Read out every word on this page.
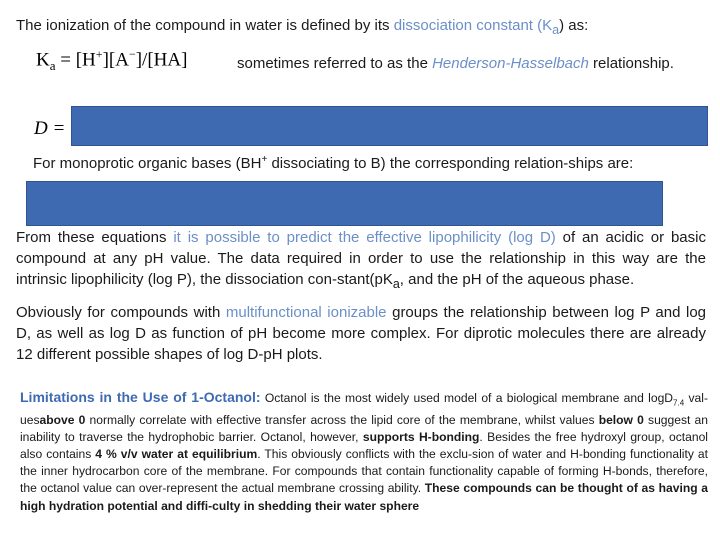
The ionization of the compound in water is defined by its dissociation constant $(K_a)$ as:
$K_a = [H^+][A^-]/[HA]$	sometimes referred to as the Henderson-Hasselbach relationship.
D =
For monoprotic organic bases (BH+ dissociating to B) the corresponding relation-ships are:
From these equations it is possible to predict the effective lipophilicity (log D) of an acidic or basic compound at any pH value. The data required in order to use the relationship in this way are the intrinsic lipophilicity (log P), the dissociation con-$stant(pK_a$, and the pH of the aqueous phase.
Obviously for compounds with multifunctional ionizable groups the relationship between log P and log D, as well as log D as function of pH become more complex. For diprotic molecules there are already 12 different possible shapes of log D-pH plots.
Limitations in the Use of 1-Octanol: Octanol is the most widely used model of a biological membrane and logD$_{7.4}$ val-uesabove 0 normally correlate with effective transfer across the lipid core of the membrane, whilst values below 0 suggest an inability to traverse the hydrophobic barrier. Octanol, however, supports H-bonding. Besides the free hydroxyl group, octanol also contains 4 % v/v water at equilibrium. This obviously conflicts with the exclu-sion of water and H-bonding functionality at the inner hydrocarbon core of the membrane. For compounds that contain functionality capable of forming H-bonds, therefore, the octanol value can over-represent the actual membrane crossing ability. These compounds can be thought of as having a high hydration potential and diffi-culty in shedding their water sphere
